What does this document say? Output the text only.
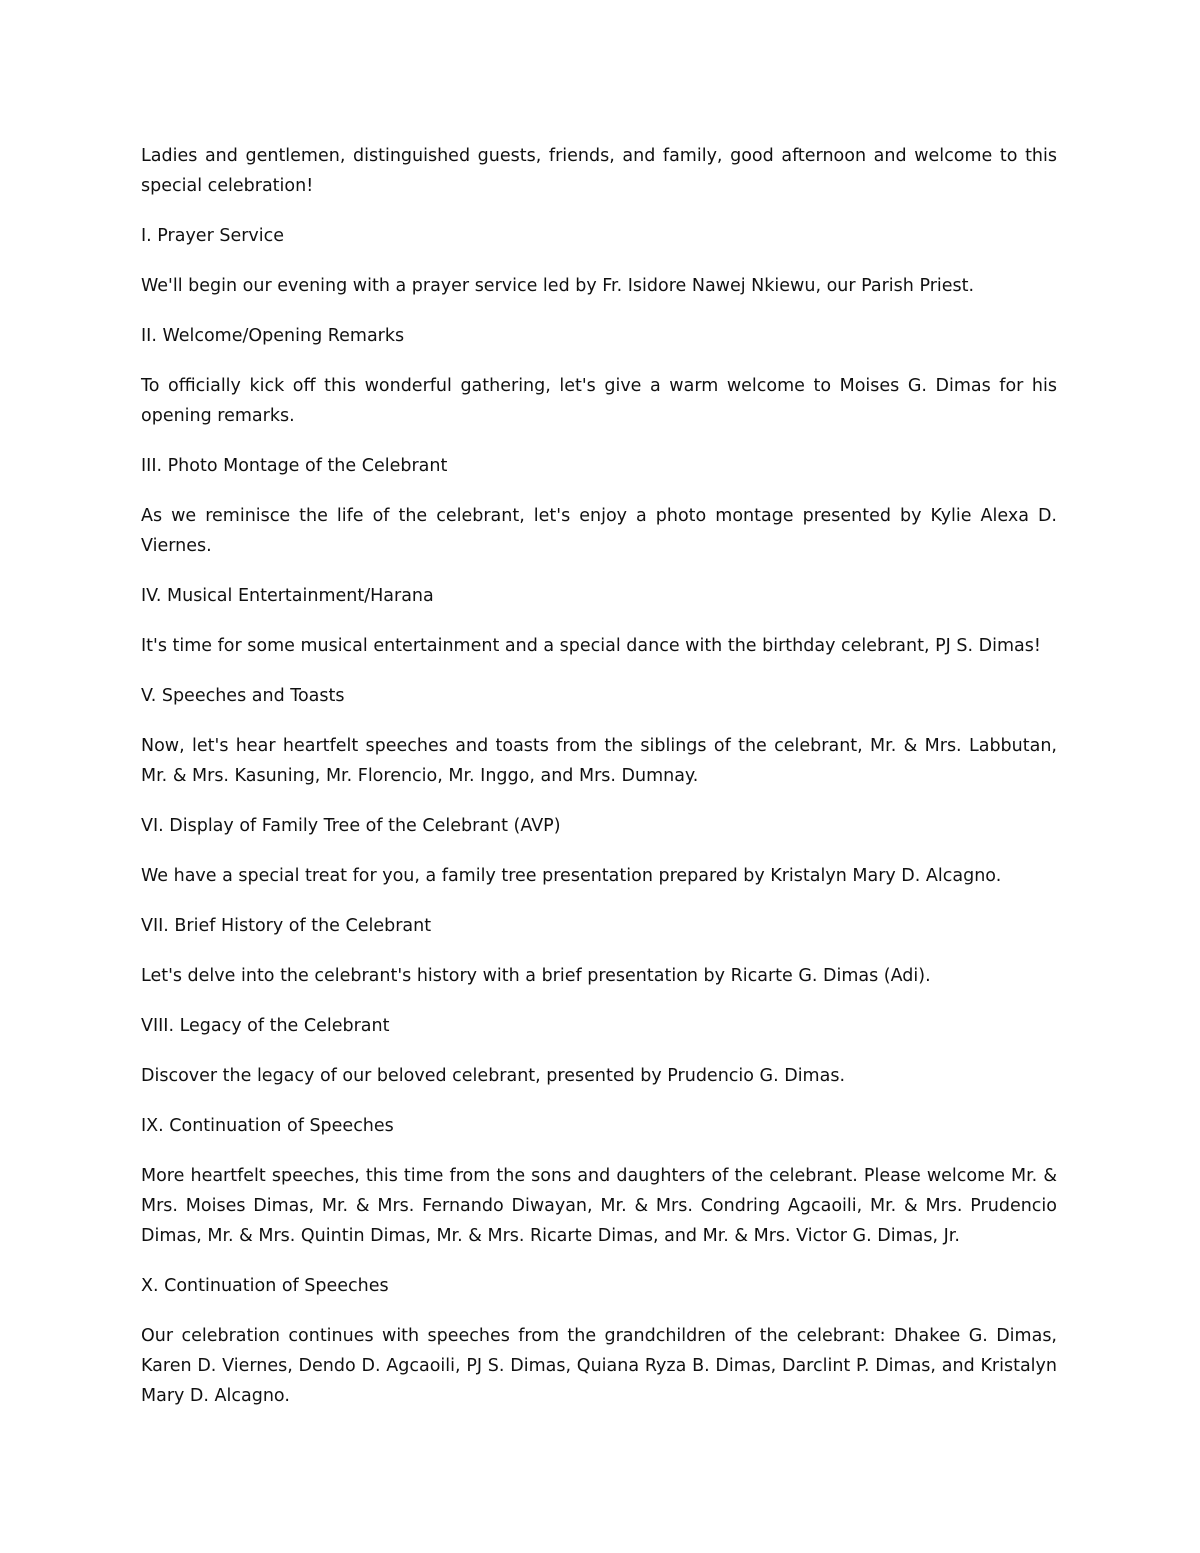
Ladies and gentlemen, distinguished guests, friends, and family, good afternoon and welcome to this special celebration!

I. Prayer Service

We'll begin our evening with a prayer service led by Fr. Isidore Nawej Nkiewu, our Parish Priest.

II. Welcome/Opening Remarks

To officially kick off this wonderful gathering, let's give a warm welcome to Moises G. Dimas for his opening remarks.

III. Photo Montage of the Celebrant

As we reminisce the life of the celebrant, let's enjoy a photo montage presented by Kylie Alexa D. Viernes.

IV. Musical Entertainment/Harana

It's time for some musical entertainment and a special dance with the birthday celebrant, PJ S. Dimas!

V. Speeches and Toasts

Now, let's hear heartfelt speeches and toasts from the siblings of the celebrant, Mr. & Mrs. Labbutan, Mr. & Mrs. Kasuning, Mr. Florencio, Mr. Inggo, and Mrs. Dumnay.

VI. Display of Family Tree of the Celebrant (AVP)

We have a special treat for you, a family tree presentation prepared by Kristalyn Mary D. Alcagno.

VII. Brief History of the Celebrant

Let's delve into the celebrant's history with a brief presentation by Ricarte G. Dimas (Adi).

VIII. Legacy of the Celebrant

Discover the legacy of our beloved celebrant, presented by Prudencio G. Dimas.

IX. Continuation of Speeches

More heartfelt speeches, this time from the sons and daughters of the celebrant. Please welcome Mr. & Mrs. Moises Dimas, Mr. & Mrs. Fernando Diwayan, Mr. & Mrs. Condring Agcaoili, Mr. & Mrs. Prudencio Dimas, Mr. & Mrs. Quintin Dimas, Mr. & Mrs. Ricarte Dimas, and Mr. & Mrs. Victor G. Dimas, Jr.

X. Continuation of Speeches

Our celebration continues with speeches from the grandchildren of the celebrant: Dhakee G. Dimas, Karen D. Viernes, Dendo D. Agcaoili, PJ S. Dimas, Quiana Ryza B. Dimas, Darclint P. Dimas, and Kristalyn Mary D. Alcagno.
